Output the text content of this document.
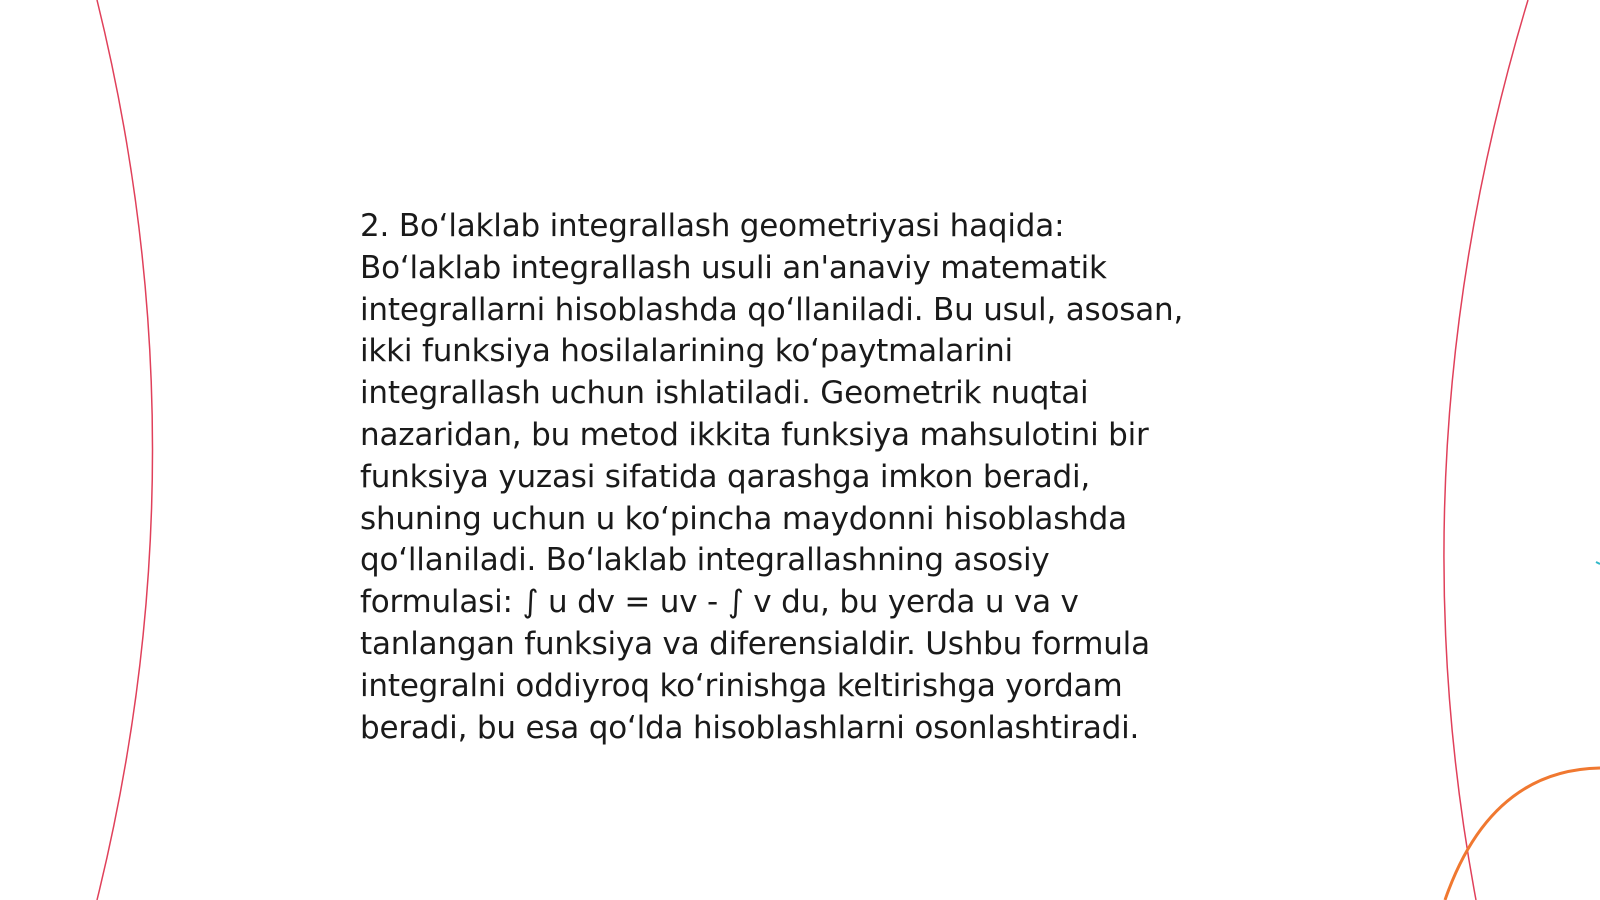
2. Bo‘laklab integrallash geometriyasi haqida:
Bo‘laklab integrallash usuli an'anaviy matematik
integrallarni hisoblashda qo‘llaniladi. Bu usul, asosan,
ikki funksiya hosilalarining ko‘paytmalarini
integrallash uchun ishlatiladi. Geometrik nuqtai
nazaridan, bu metod ikkita funksiya mahsulotini bir
funksiya yuzasi sifatida qarashga imkon beradi,
shuning uchun u ko‘pincha maydonni hisoblashda
qo‘llaniladi. Bo‘laklab integrallashning asosiy
formulasi: ∫ u dv = uv - ∫ v du, bu yerda u va v
tanlangan funksiya va diferensialdir. Ushbu formula
integralni oddiyroq ko‘rinishga keltirishga yordam
beradi, bu esa qo‘lda hisoblashlarni osonlashtiradi.
